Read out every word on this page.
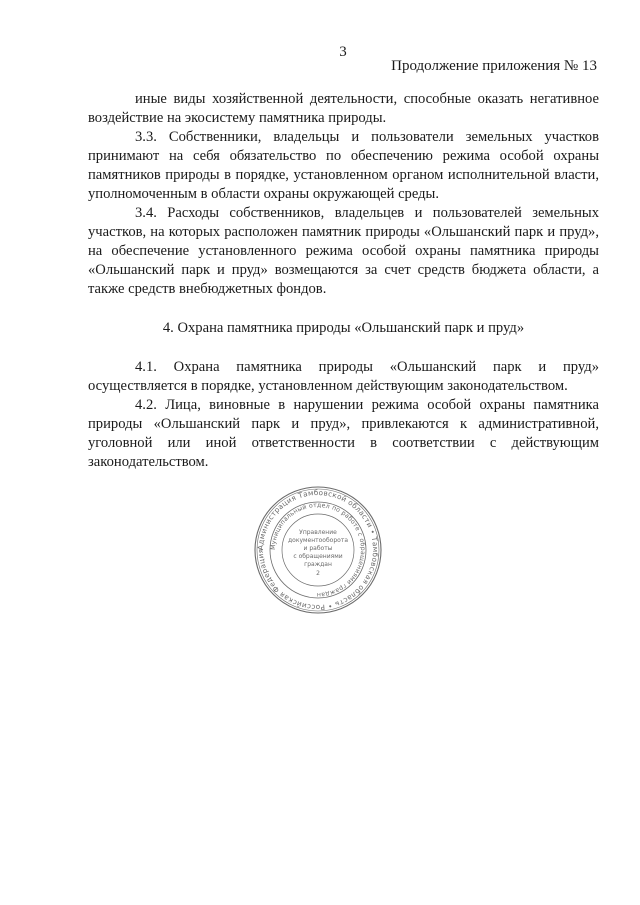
3
Продолжение приложения № 13

иные виды хозяйственной деятельности, способные оказать негативное воздействие на экосистему памятника природы.

3.3. Собственники, владельцы и пользователи земельных участков принимают на себя обязательство по обеспечению режима особой охраны памятников природы в порядке, установленном органом исполнительной власти, уполномоченным в области охраны окружающей среды.

3.4. Расходы собственников, владельцев и пользователей земельных участков, на которых расположен памятник природы «Ольшанский парк и пруд», на обеспечение установленного режима особой охраны памятника природы «Ольшанский парк и пруд» возмещаются за счет средств бюджета области, а также средств внебюджетных фондов.

4. Охрана памятника природы «Ольшанский парк и пруд»

4.1. Охрана памятника природы «Ольшанский парк и пруд» осуществляется в порядке, установленном действующим законодательством.

4.2. Лица, виновные в нарушении режима особой охраны памятника природы «Ольшанский парк и пруд», привлекаются к административной, уголовной или иной ответственности в соответствии с действующим законодательством.

Администрация Тамбовской области • Тамбовская область • Российская Федерация
Муниципальный отдел по работе с обращениями граждан
Управление
документооборота
и работы
с обращениями
граждан
2
